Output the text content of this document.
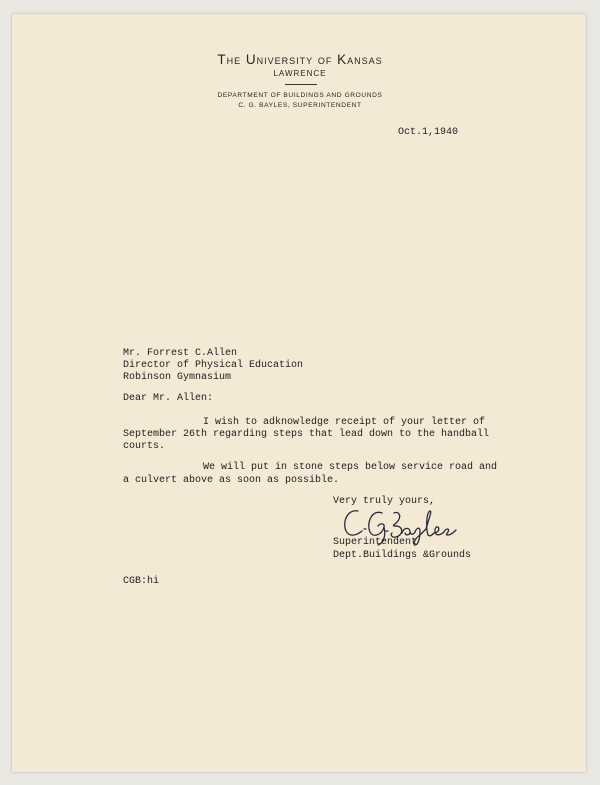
The University of Kansas
LAWRENCE
DEPARTMENT OF BUILDINGS AND GROUNDS
C. G. BAYLES, SUPERINTENDENT
Oct.1,1940
Mr. Forrest C.Allen
Director of Physical Education
Robinson Gymnasium
Dear Mr. Allen:
I wish to adknowledge receipt of your letter of
September 26th regarding steps that lead down to the handball
courts.
We will put in stone steps below service road and
a culvert above as soon as possible.
Very truly yours,
Superintendent
Dept.Buildings &Grounds
CGB:hi
